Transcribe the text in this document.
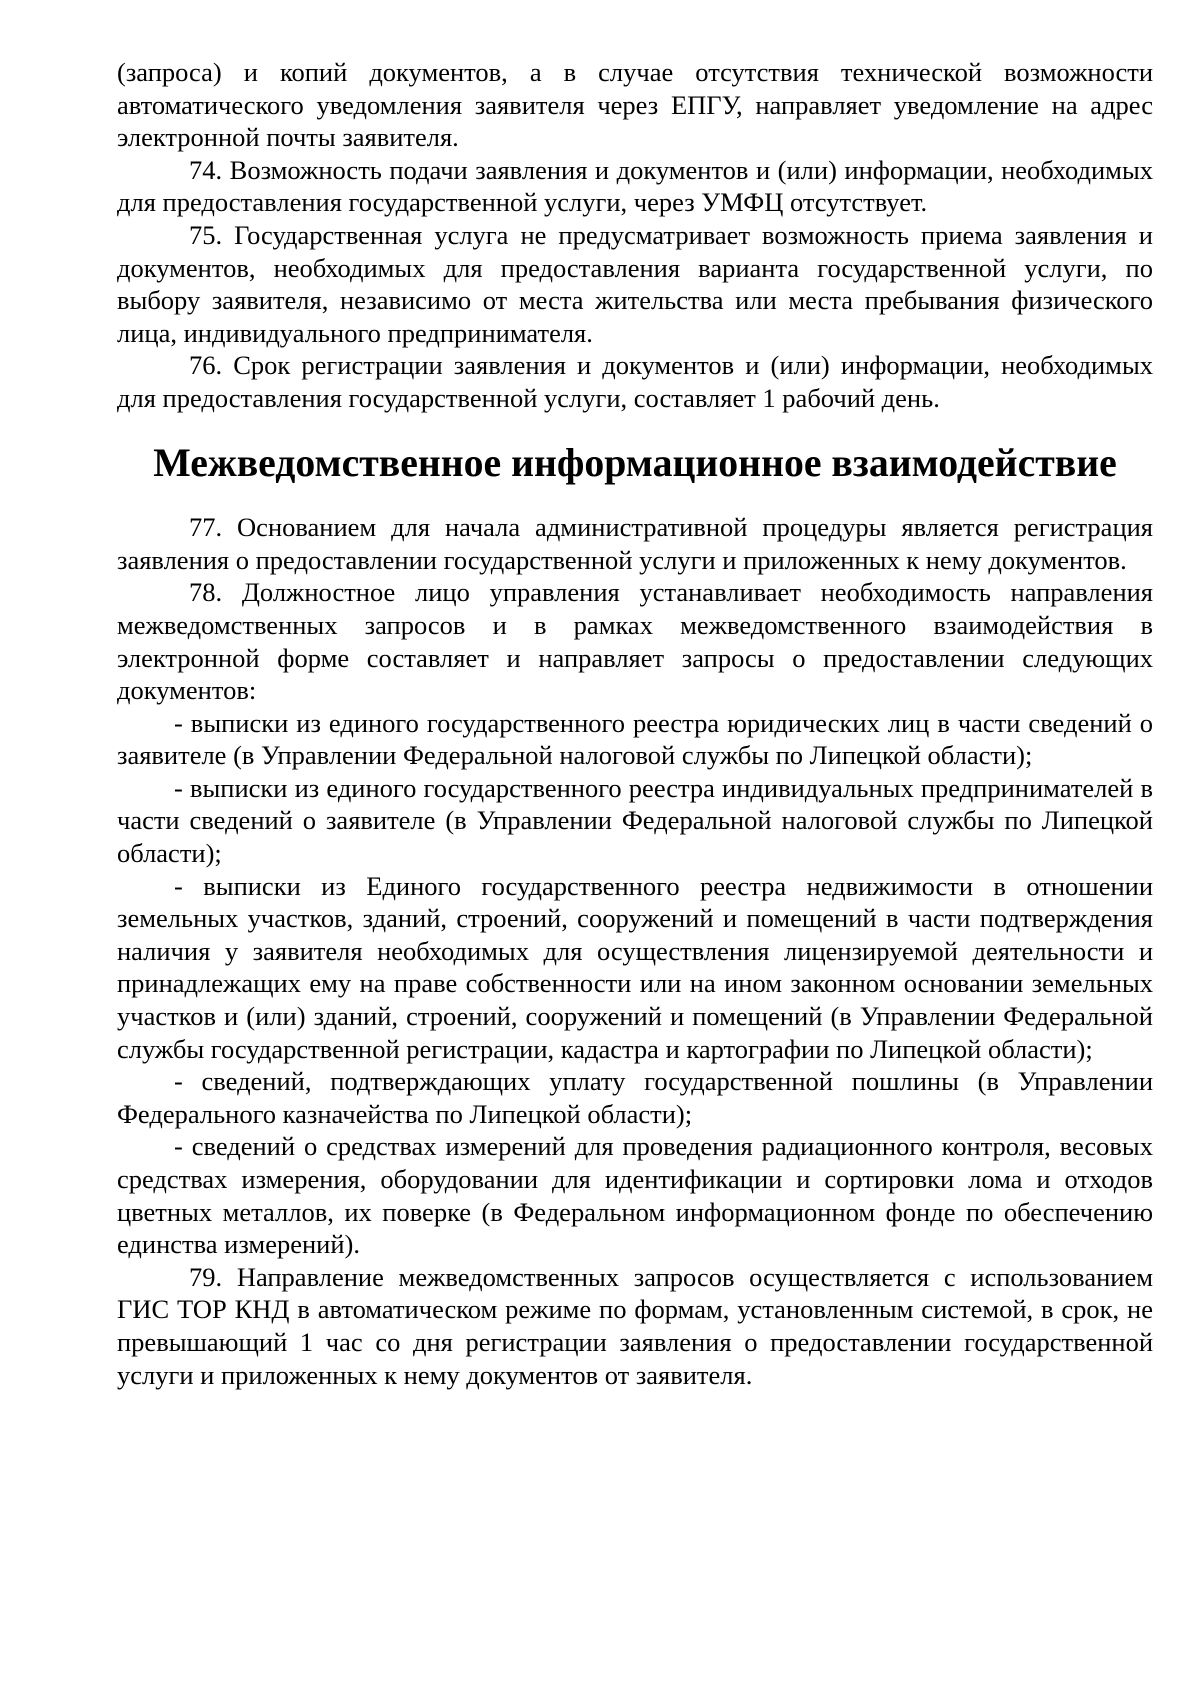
(запроса) и копий документов, а в случае отсутствия технической возможности автоматического уведомления заявителя через ЕПГУ, направляет уведомление на адрес электронной почты заявителя.

74. Возможность подачи заявления и документов и (или) информации, необходимых для предоставления государственной услуги, через УМФЦ отсутствует.

75. Государственная услуга не предусматривает возможность приема заявления и документов, необходимых для предоставления варианта государственной услуги, по выбору заявителя, независимо от места жительства или места пребывания физического лица, индивидуального предпринимателя.

76. Срок регистрации заявления и документов и (или) информации, необходимых для предоставления государственной услуги, составляет 1 рабочий день.

Межведомственное информационное взаимодействие

77. Основанием для начала административной процедуры является регистрация заявления о предоставлении государственной услуги и приложенных к нему документов.

78. Должностное лицо управления устанавливает необходимость направления межведомственных запросов и в рамках межведомственного взаимодействия в электронной форме составляет и направляет запросы о предоставлении следующих документов:

- выписки из единого государственного реестра юридических лиц в части сведений о заявителе (в Управлении Федеральной налоговой службы по Липецкой области);

- выписки из единого государственного реестра индивидуальных предпринимателей в части сведений о заявителе (в Управлении Федеральной налоговой службы по Липецкой области);

- выписки из Единого государственного реестра недвижимости в отношении земельных участков, зданий, строений, сооружений и помещений в части подтверждения наличия у заявителя необходимых для осуществления лицензируемой деятельности и принадлежащих ему на праве собственности или на ином законном основании земельных участков и (или) зданий, строений, сооружений и помещений (в Управлении Федеральной службы государственной регистрации, кадастра и картографии по Липецкой области);

- сведений, подтверждающих уплату государственной пошлины (в Управлении Федерального казначейства по Липецкой области);

- сведений о средствах измерений для проведения радиационного контроля, весовых средствах измерения, оборудовании для идентификации и сортировки лома и отходов цветных металлов, их поверке (в Федеральном информационном фонде по обеспечению единства измерений).

79. Направление межведомственных запросов осуществляется с использованием ГИС ТОР КНД в автоматическом режиме по формам, установленным системой, в срок, не превышающий 1 час со дня регистрации заявления о предоставлении государственной услуги и приложенных к нему документов от заявителя.
